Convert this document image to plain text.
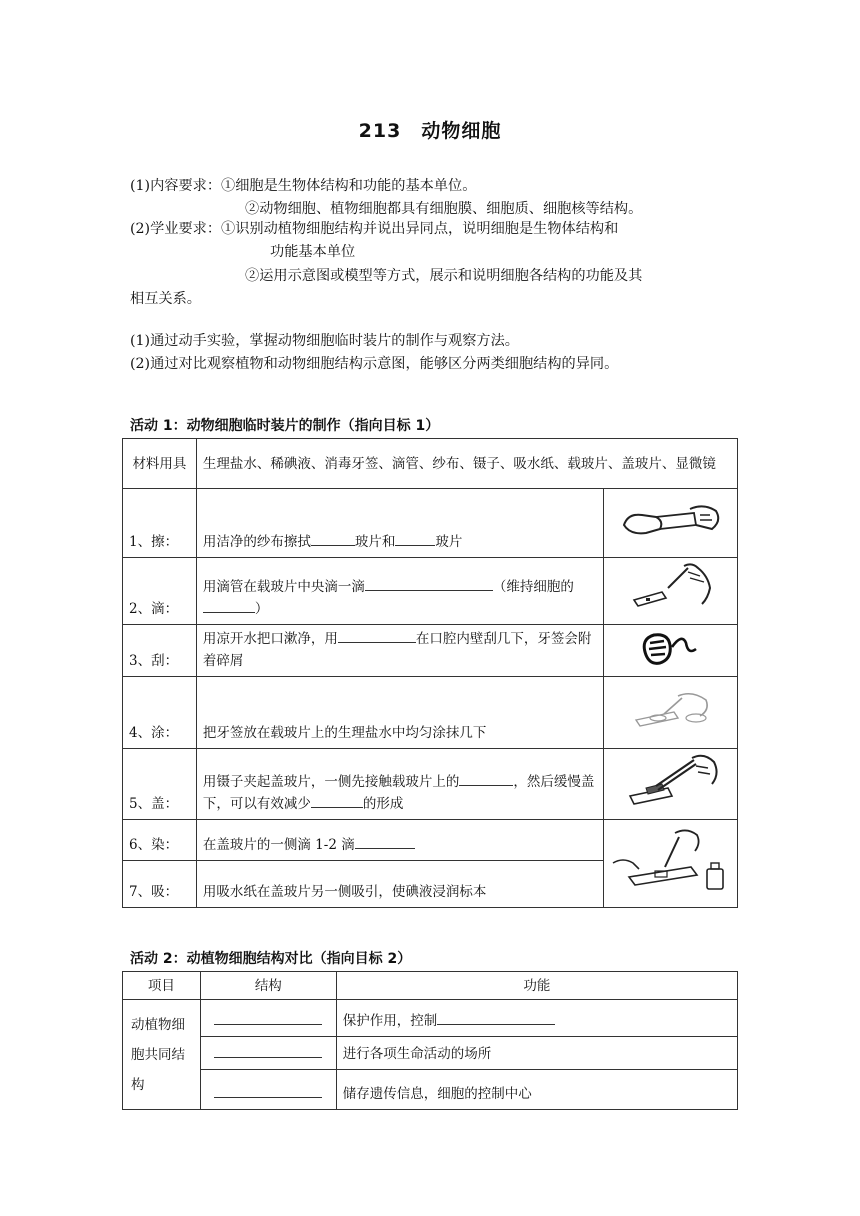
213 动物细胞
(1)内容要求：①细胞是生物体结构和功能的基本单位。
②动物细胞、植物细胞都具有细胞膜、细胞质、细胞核等结构。
(2)学业要求：①识别动植物细胞结构并说出异同点，说明细胞是生物体结构和
功能基本单位
②运用示意图或模型等方式，展示和说明细胞各结构的功能及其
相互关系。
(1)通过动手实验，掌握动物细胞临时装片的制作与观察方法。
(2)通过对比观察植物和动物细胞结构示意图，能够区分两类细胞结构的异同。
活动 1：动物细胞临时装片的制作（指向目标 1）
材料用具	生理盐水、稀碘液、消毒牙签、滴管、纱布、镊子、吸水纸、载玻片、盖玻片、显微镜	
1、擦：	用洁净的纱布擦拭 玻片和 玻片	
2、滴：	用滴管在载玻片中央滴一滴 （维持细胞的）	
3、刮：	用凉开水把口漱净，用 在口腔内壁刮几下，牙签会附着碎屑	
4、涂：	把牙签放在载玻片上的生理盐水中均匀涂抹几下	
5、盖：	用镊子夹起盖玻片，一侧先接触载玻片上的 ，然后缓慢盖下，可以有效减少 的形成	
6、染：	在盖玻片的一侧滴 1-2 滴	
7、吸：	用吸水纸在盖玻片另一侧吸引，使碘液浸润标本	
活动 2：动植物细胞结构对比（指向目标 2）
项目	结构	功能
动植物细胞共同结构		保护作用，控制
		进行各项生命活动的场所
		储存遗传信息，细胞的控制中心
